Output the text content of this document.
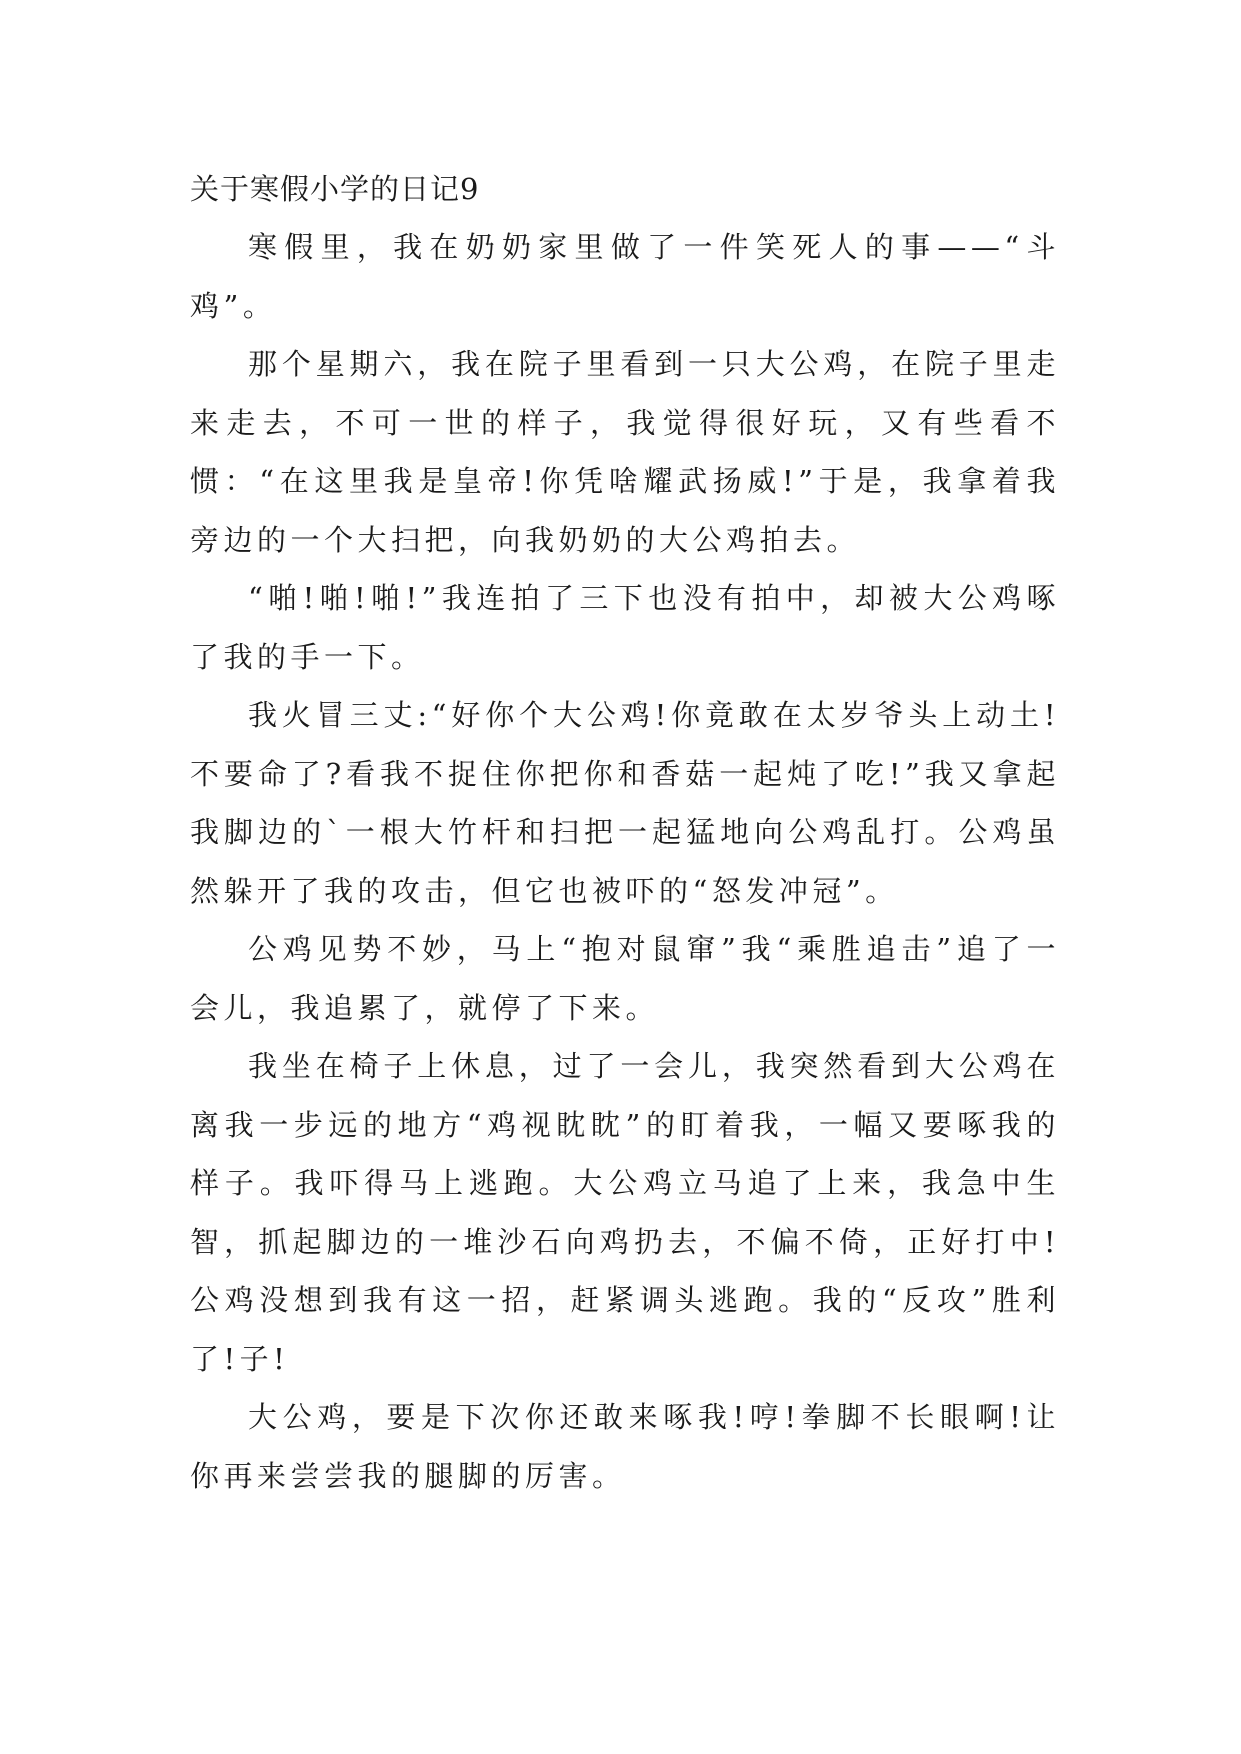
关于寒假小学的日记9

寒假里，我在奶奶家里做了一件笑死人的事——“斗鸡”。

那个星期六，我在院子里看到一只大公鸡，在院子里走来走去，不可一世的样子，我觉得很好玩，又有些看不惯：“在这里我是皇帝!你凭啥耀武扬威!”于是，我拿着我旁边的一个大扫把，向我奶奶的大公鸡拍去。

“啪!啪!啪!”我连拍了三下也没有拍中，却被大公鸡啄了我的手一下。

我火冒三丈:“好你个大公鸡!你竟敢在太岁爷头上动土!不要命了?看我不捉住你把你和香菇一起炖了吃!”我又拿起我脚边的`一根大竹杆和扫把一起猛地向公鸡乱打。公鸡虽然躲开了我的攻击，但它也被吓的“怒发冲冠”。

公鸡见势不妙，马上“抱对鼠窜”我“乘胜追击”追了一会儿，我追累了，就停了下来。

我坐在椅子上休息，过了一会儿，我突然看到大公鸡在离我一步远的地方“鸡视眈眈”的盯着我，一幅又要啄我的样子。我吓得马上逃跑。大公鸡立马追了上来，我急中生智，抓起脚边的一堆沙石向鸡扔去，不偏不倚，正好打中!公鸡没想到我有这一招，赶紧调头逃跑。我的“反攻”胜利了!子!

大公鸡，要是下次你还敢来啄我!哼!拳脚不长眼啊!让你再来尝尝我的腿脚的厉害。
